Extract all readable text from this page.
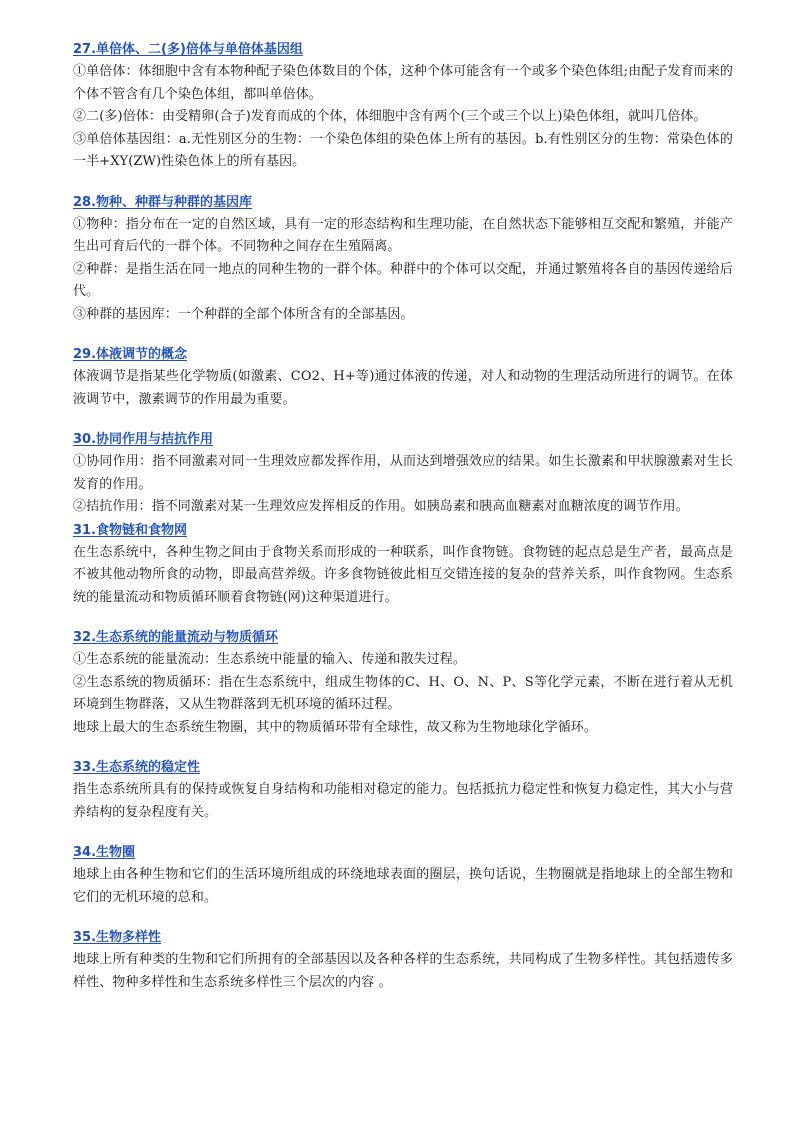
27.单倍体、二(多)倍体与单倍体基因组

①单倍体：体细胞中含有本物种配子染色体数目的个体，这种个体可能含有一个或多个染色体组;由配子发育而来的个体不管含有几个染色体组，都叫单倍体。

②二(多)倍体：由受精卵(合子)发育而成的个体，体细胞中含有两个(三个或三个以上)染色体组，就叫几倍体。

③单倍体基因组：a.无性别区分的生物：一个染色体组的染色体上所有的基因。b.有性别区分的生物：常染色体的一半+XY(ZW)性染色体上的所有基因。

28.物种、种群与种群的基因库

①物种：指分布在一定的自然区域，具有一定的形态结构和生理功能，在自然状态下能够相互交配和繁殖，并能产生出可育后代的一群个体。不同物种之间存在生殖隔离。

②种群：是指生活在同一地点的同种生物的一群个体。种群中的个体可以交配，并通过繁殖将各自的基因传递给后代。

③种群的基因库：一个种群的全部个体所含有的全部基因。

29.体液调节的概念

体液调节是指某些化学物质(如激素、CO2、H+等)通过体液的传递，对人和动物的生理活动所进行的调节。在体液调节中，激素调节的作用最为重要。

30.协同作用与拮抗作用

①协同作用：指不同激素对同一生理效应都发挥作用，从而达到增强效应的结果。如生长激素和甲状腺激素对生长发育的作用。

②拮抗作用：指不同激素对某一生理效应发挥相反的作用。如胰岛素和胰高血糖素对血糖浓度的调节作用。

31.食物链和食物网

在生态系统中，各种生物之间由于食物关系而形成的一种联系，叫作食物链。食物链的起点总是生产者，最高点是不被其他动物所食的动物，即最高营养级。许多食物链彼此相互交错连接的复杂的营养关系，叫作食物网。生态系统的能量流动和物质循环顺着食物链(网)这种渠道进行。

32.生态系统的能量流动与物质循环

①生态系统的能量流动：生态系统中能量的输入、传递和散失过程。

②生态系统的物质循环：指在生态系统中，组成生物体的C、H、O、N、P、S等化学元素，不断在进行着从无机环境到生物群落，又从生物群落到无机环境的循环过程。

地球上最大的生态系统生物圈，其中的物质循环带有全球性，故又称为生物地球化学循环。

33.生态系统的稳定性

指生态系统所具有的保持或恢复自身结构和功能相对稳定的能力。包括抵抗力稳定性和恢复力稳定性，其大小与营养结构的复杂程度有关。

34.生物圈

地球上由各种生物和它们的生活环境所组成的环绕地球表面的圈层，换句话说，生物圈就是指地球上的全部生物和它们的无机环境的总和。

35.生物多样性

地球上所有种类的生物和它们所拥有的全部基因以及各种各样的生态系统，共同构成了生物多样性。其包括遗传多样性、物种多样性和生态系统多样性三个层次的内容 。
